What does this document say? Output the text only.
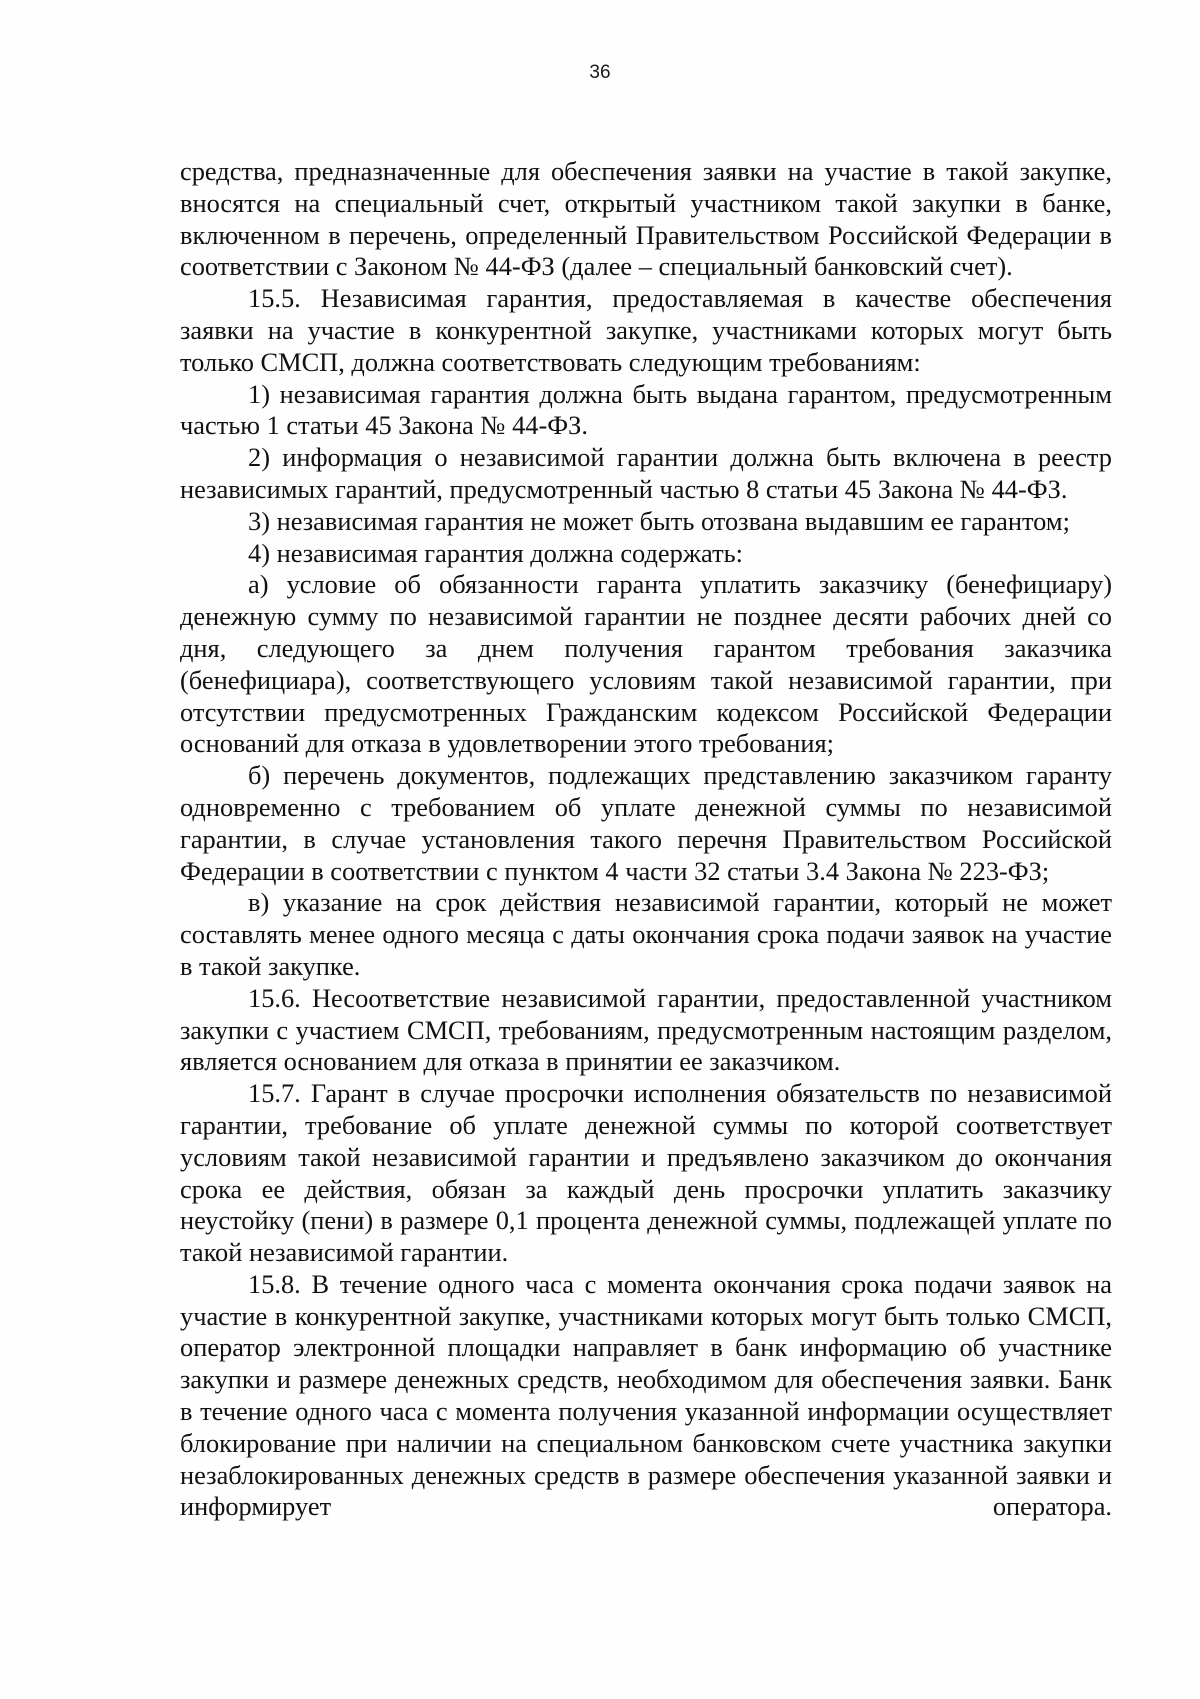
36

средства, предназначенные для обеспечения заявки на участие в такой закупке, вносятся на специальный счет, открытый участником такой закупки в банке, включенном в перечень, определенный Правительством Российской Федерации в соответствии с Законом № 44-ФЗ (далее – специальный банковский счет).

15.5. Независимая гарантия, предоставляемая в качестве обеспечения заявки на участие в конкурентной закупке, участниками которых могут быть только СМСП, должна соответствовать следующим требованиям:

1) независимая гарантия должна быть выдана гарантом, предусмотренным частью 1 статьи 45 Закона № 44-ФЗ.

2) информация о независимой гарантии должна быть включена в реестр независимых гарантий, предусмотренный частью 8 статьи 45 Закона № 44-ФЗ.

3) независимая гарантия не может быть отозвана выдавшим ее гарантом;

4) независимая гарантия должна содержать:

а) условие об обязанности гаранта уплатить заказчику (бенефициару) денежную сумму по независимой гарантии не позднее десяти рабочих дней со дня, следующего за днем получения гарантом требования заказчика (бенефициара), соответствующего условиям такой независимой гарантии, при отсутствии предусмотренных Гражданским кодексом Российской Федерации оснований для отказа в удовлетворении этого требования;

б) перечень документов, подлежащих представлению заказчиком гаранту одновременно с требованием об уплате денежной суммы по независимой гарантии, в случае установления такого перечня Правительством Российской Федерации в соответствии с пунктом 4 части 32 статьи 3.4 Закона № 223-ФЗ;

в) указание на срок действия независимой гарантии, который не может составлять менее одного месяца с даты окончания срока подачи заявок на участие в такой закупке.

15.6. Несоответствие независимой гарантии, предоставленной участником закупки с участием СМСП, требованиям, предусмотренным настоящим разделом, является основанием для отказа в принятии ее заказчиком.

15.7. Гарант в случае просрочки исполнения обязательств по независимой гарантии, требование об уплате денежной суммы по которой соответствует условиям такой независимой гарантии и предъявлено заказчиком до окончания срока ее действия, обязан за каждый день просрочки уплатить заказчику неустойку (пени) в размере 0,1 процента денежной суммы, подлежащей уплате по такой независимой гарантии.

15.8. В течение одного часа с момента окончания срока подачи заявок на участие в конкурентной закупке, участниками которых могут быть только СМСП, оператор электронной площадки направляет в банк информацию об участнике закупки и размере денежных средств, необходимом для обеспечения заявки. Банк в течение одного часа с момента получения указанной информации осуществляет блокирование при наличии на специальном банковском счете участника закупки незаблокированных денежных средств в размере обеспечения указанной заявки и информирует оператора.
